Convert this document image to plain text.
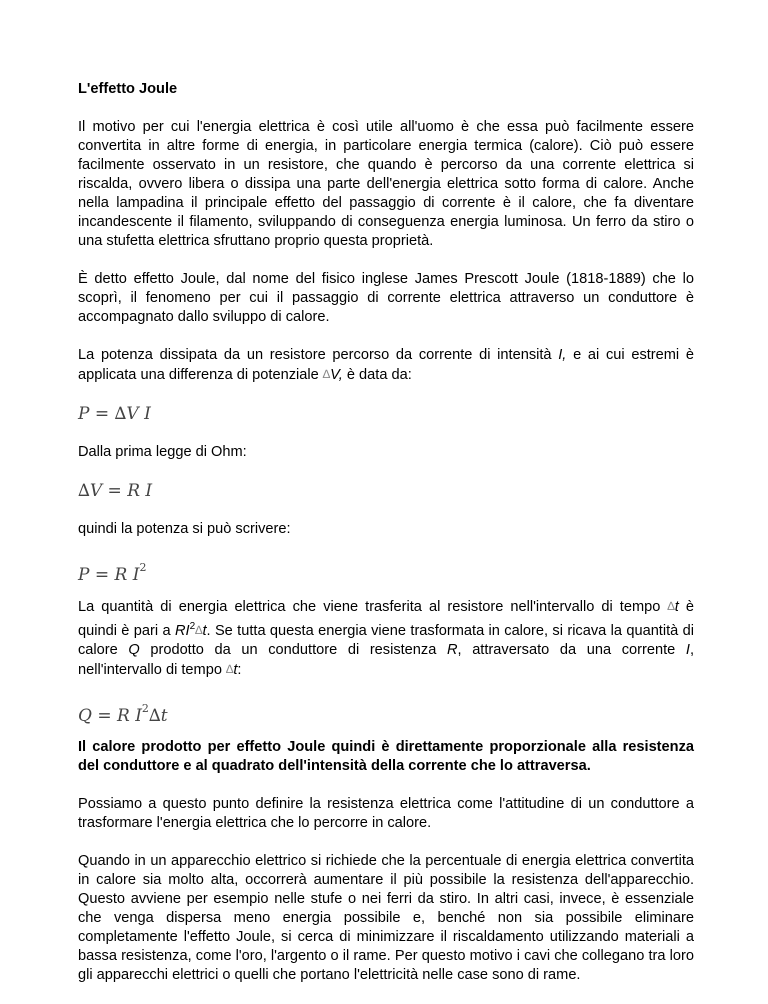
L'effetto Joule

Il motivo per cui l'energia elettrica è così utile all'uomo è che essa può facilmente essere convertita in altre forme di energia, in particolare energia termica (calore). Ciò può essere facilmente osservato in un resistore, che quando è percorso da una corrente elettrica si riscalda, ovvero libera o dissipa una parte dell'energia elettrica sotto forma di calore. Anche nella lampadina il principale effetto del passaggio di corrente è il calore, che fa diventare incandescente il filamento, sviluppando di conseguenza energia luminosa. Un ferro da stiro o una stufetta elettrica sfruttano proprio questa proprietà.

È detto effetto Joule, dal nome del fisico inglese James Prescott Joule (1818-1889) che lo scoprì, il fenomeno per cui il passaggio di corrente elettrica attraverso un conduttore è accompagnato dallo sviluppo di calore.

La potenza dissipata da un resistore percorso da corrente di intensità I, e ai cui estremi è applicata una differenza di potenziale ∆V, è data da:

P = ∆V I

Dalla prima legge di Ohm:

∆V = R I

quindi la potenza si può scrivere:

P = R $I^2$

La quantità di energia elettrica che viene trasferita al resistore nell'intervallo di tempo ∆t è quindi è pari a $RI^2\Delta t$. Se tutta questa energia viene trasformata in calore, si ricava la quantità di calore Q prodotto da un conduttore di resistenza R, attraversato da una corrente I, nell'intervallo di tempo ∆t:

Q = R $I^2\Delta t$

Il calore prodotto per effetto Joule quindi è direttamente proporzionale alla resistenza del conduttore e al quadrato dell'intensità della corrente che lo attraversa.

Possiamo a questo punto definire la resistenza elettrica come l'attitudine di un conduttore a trasformare l'energia elettrica che lo percorre in calore.

Quando in un apparecchio elettrico si richiede che la percentuale di energia elettrica convertita in calore sia molto alta, occorrerà aumentare il più possibile la resistenza dell'apparecchio. Questo avviene per esempio nelle stufe o nei ferri da stiro. In altri casi, invece, è essenziale che venga dispersa meno energia possibile e, benché non sia possibile eliminare completamente l'effetto Joule, si cerca di minimizzare il riscaldamento utilizzando materiali a bassa resistenza, come l'oro, l'argento o il rame. Per questo motivo i cavi che collegano tra loro gli apparecchi elettrici o quelli che portano l'elettricità nelle case sono di rame.
